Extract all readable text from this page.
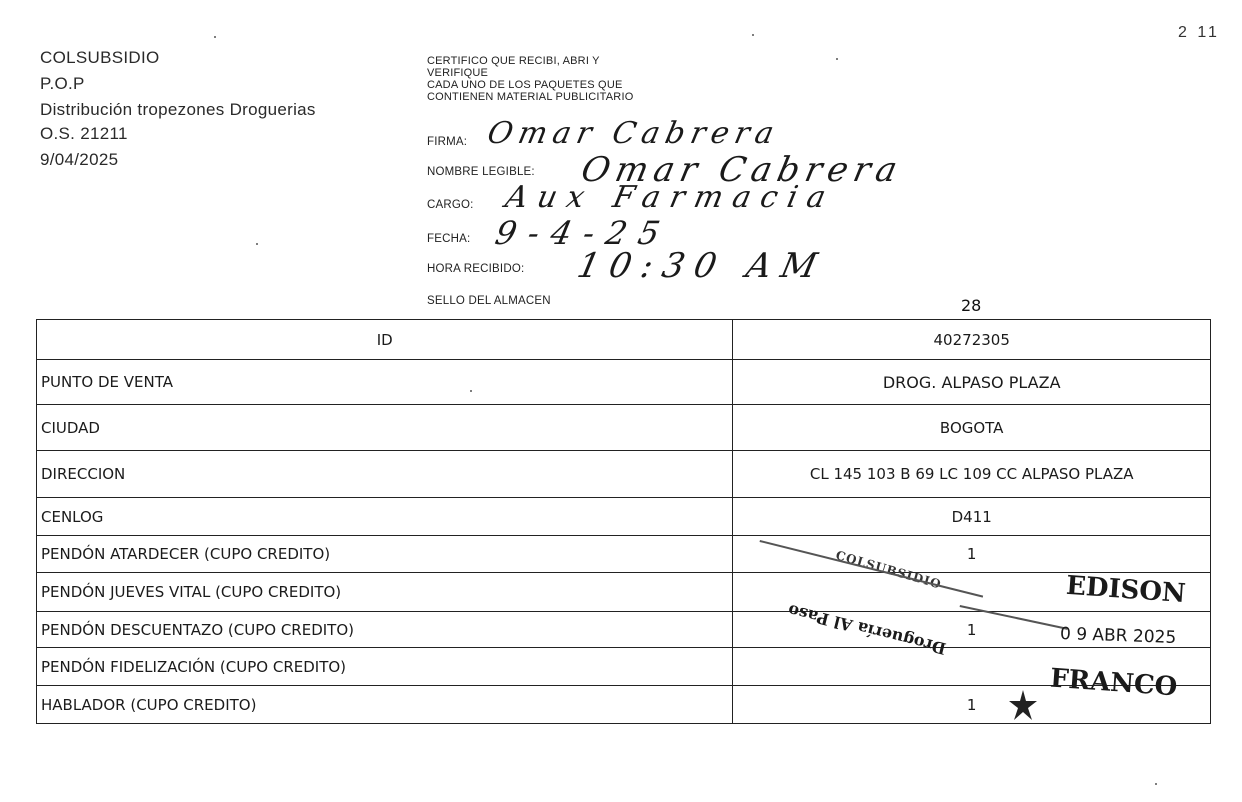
2 11
COLSUBSIDIO
P.O.P
Distribución tropezones Droguerias
O.S. 21211
9/04/2025
CERTIFICO QUE RECIBI, ABRI Y
VERIFIQUE
CADA UNO DE LOS PAQUETES QUE
CONTIENEN MATERIAL PUBLICITARIO
FIRMA: Omar Cabrera
NOMBRE LEGIBLE: Omar Cabrera
CARGO: Aux Farmacia
FECHA: 9-4-25
HORA RECIBIDO: 10:30 AM
SELLO DEL ALMACEN	28
ID	40272305
PUNTO DE VENTA	DROG. ALPASO PLAZA
CIUDAD	BOGOTA
DIRECCION	CL 145 103 B 69 LC 109 CC ALPASO PLAZA
CENLOG	D411
PENDÓN ATARDECER (CUPO CREDITO)	1
PENDÓN JUEVES VITAL (CUPO CREDITO)	
PENDÓN DESCUENTAZO (CUPO CREDITO)	1
PENDÓN FIDELIZACIÓN (CUPO CREDITO)	
HABLADOR (CUPO CREDITO)	1
COLSUBSIDIO	EDISON
0 9 ABR 2025
Droguería Al Paso
FRANCO
